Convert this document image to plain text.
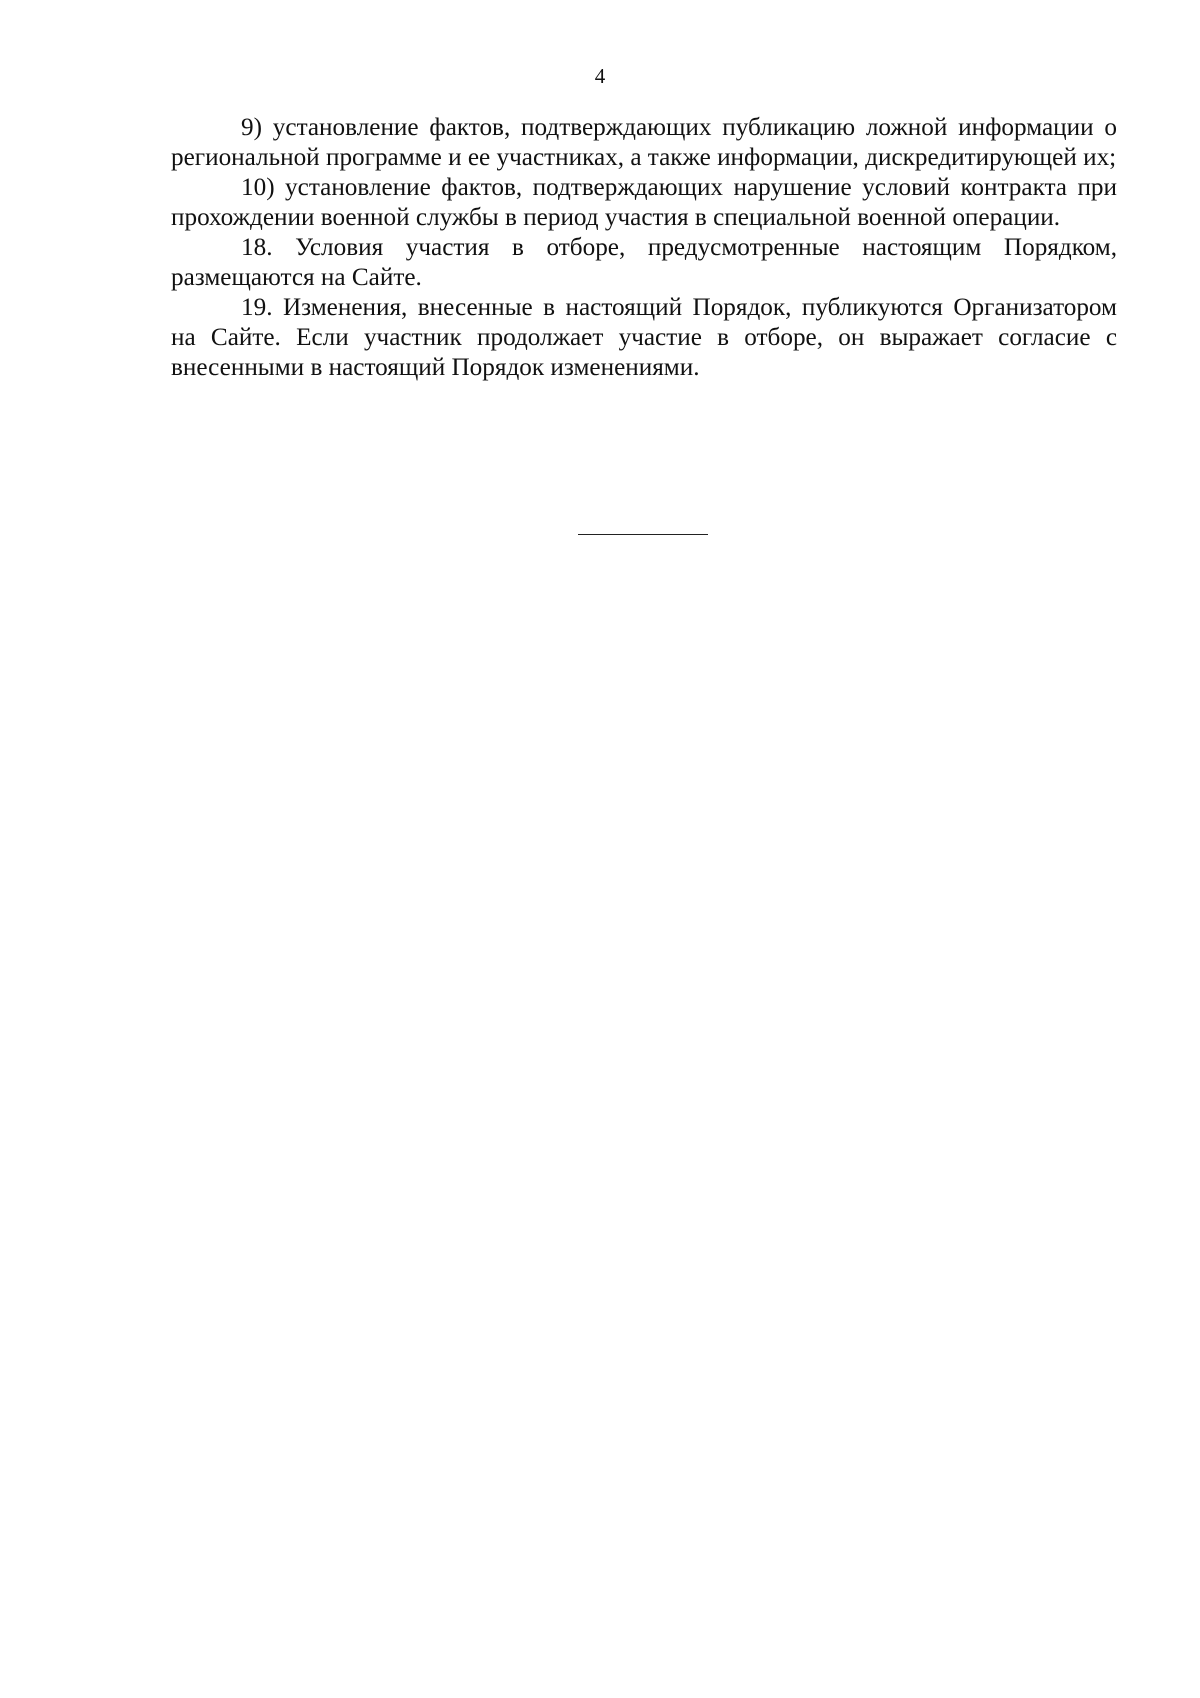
4

9) установление фактов, подтверждающих публикацию ложной информации о региональной программе и ее участниках, а также информации, дискредитирующей их;

10) установление фактов, подтверждающих нарушение условий контракта при прохождении военной службы в период участия в специальной военной операции.

18. Условия участия в отборе, предусмотренные настоящим Порядком, размещаются на Сайте.

19. Изменения, внесенные в настоящий Порядок, публикуются Организатором на Сайте. Если участник продолжает участие в отборе, он выражает согласие с внесенными в настоящий Порядок изменениями.
